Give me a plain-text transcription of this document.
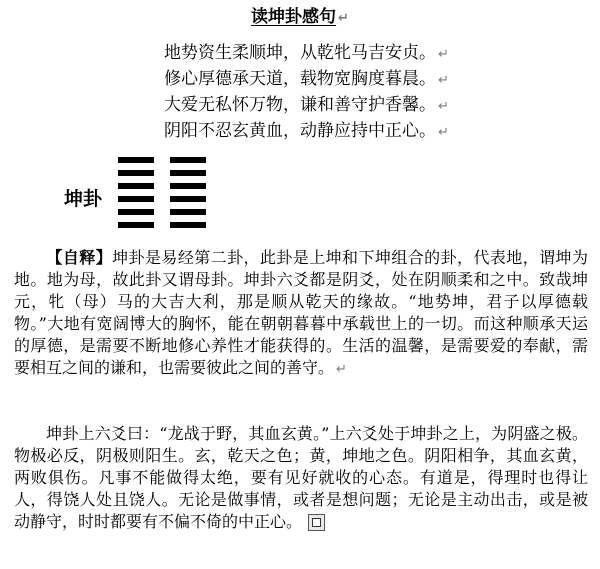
读坤卦感句 ↵
地势资生柔顺坤，从乾牝马吉安贞。 ↵
修心厚德承天道，载物宽胸度暮晨。 ↵
大爱无私怀万物，谦和善守护香馨。 ↵
阴阳不忍玄黄血，动静应持中正心。 ↵
坤卦
【自释】坤卦是易经第二卦，此卦是上坤和下坤组合的卦，代表地，谓坤为地。地为母，故此卦又谓母卦。坤卦六爻都是阴爻，处在阴顺柔和之中。致哉坤元，牝（母）马的大吉大利，那是顺从乾天的缘故。“地势坤，君子以厚德载物。”大地有宽阔博大的胸怀，能在朝朝暮暮中承载世上的一切。而这种顺承天运的厚德，是需要不断地修心养性才能获得的。生活的温馨，是需要爱的奉献，需要相互之间的谦和，也需要彼此之间的善守。 ↵
坤卦上六爻曰：“龙战于野，其血玄黄。”上六爻处于坤卦之上，为阴盛之极。物极必反，阴极则阳生。玄，乾天之色；黄，坤地之色。阴阳相争，其血玄黄，两败俱伤。凡事不能做得太绝，要有见好就收的心态。有道是，得理时也得让人，得饶人处且饶人。无论是做事情，或者是想问题；无论是主动出击，或是被动静守，时时都要有不偏不倚的中正心。
